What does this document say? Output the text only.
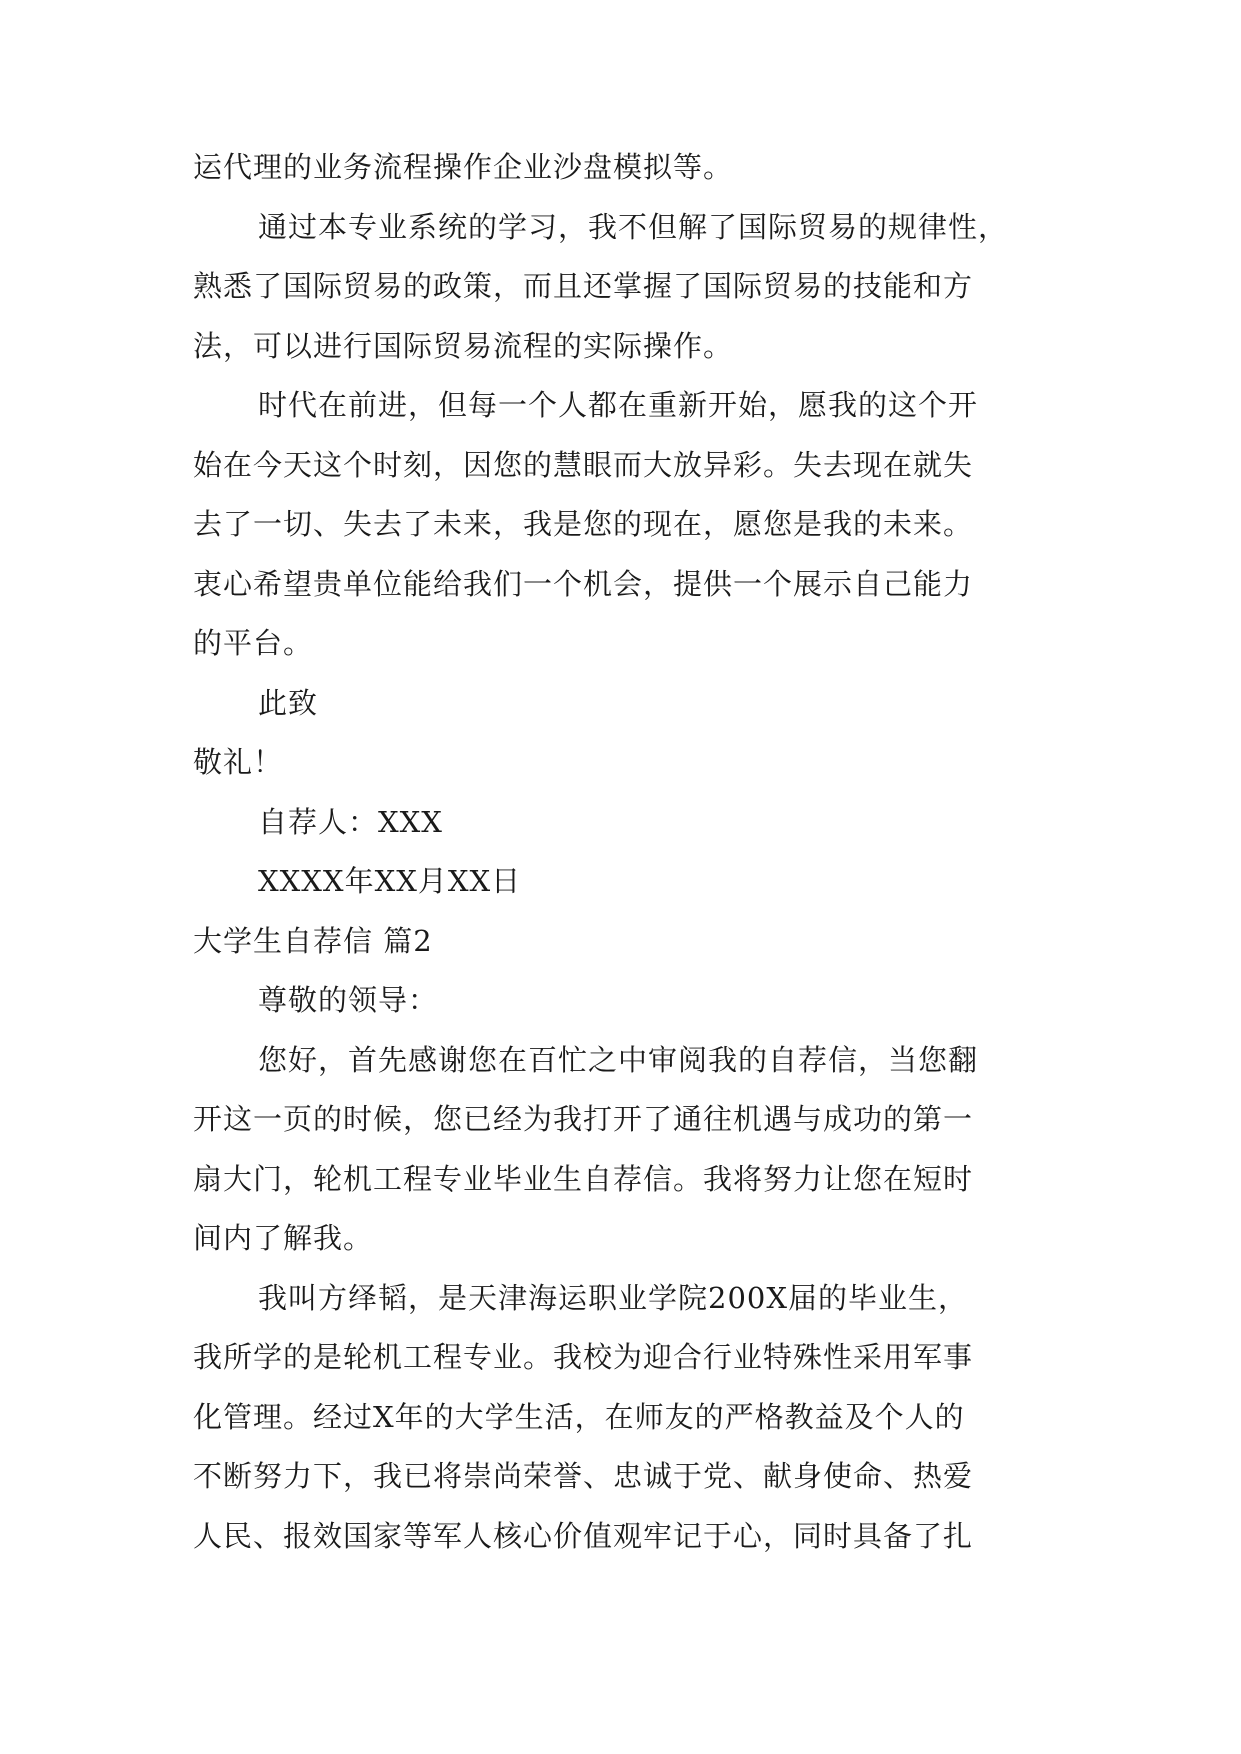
运代理的业务流程操作企业沙盘模拟等。
通过本专业系统的学习，我不但解了国际贸易的规律性，
熟悉了国际贸易的政策，而且还掌握了国际贸易的技能和方
法，可以进行国际贸易流程的实际操作。
时代在前进，但每一个人都在重新开始，愿我的这个开
始在今天这个时刻，因您的慧眼而大放异彩。失去现在就失
去了一切、失去了未来，我是您的现在，愿您是我的未来。
衷心希望贵单位能给我们一个机会，提供一个展示自己能力
的平台。
此致
敬礼！
自荐人：XXX
XXXX年XX月XX日
大学生自荐信 篇2
尊敬的领导：
您好，首先感谢您在百忙之中审阅我的自荐信，当您翻
开这一页的时候，您已经为我打开了通往机遇与成功的第一
扇大门，轮机工程专业毕业生自荐信。我将努力让您在短时
间内了解我。
我叫方绎韬，是天津海运职业学院200X届的毕业生，
我所学的是轮机工程专业。我校为迎合行业特殊性采用军事
化管理。经过X年的大学生活，在师友的严格教益及个人的
不断努力下，我已将崇尚荣誉、忠诚于党、献身使命、热爱
人民、报效国家等军人核心价值观牢记于心，同时具备了扎
